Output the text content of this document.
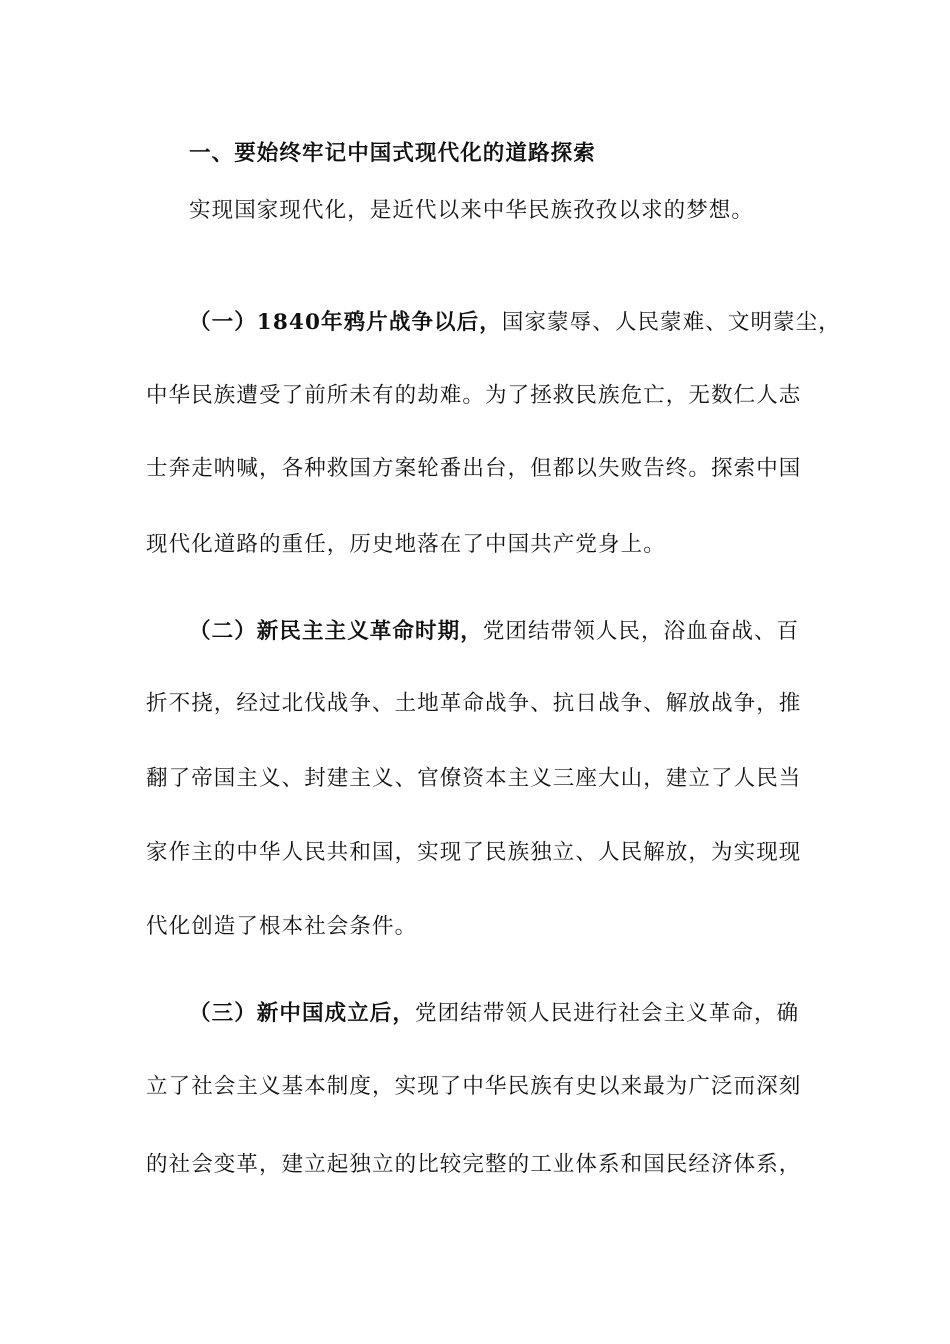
一、要始终牢记中国式现代化的道路探索
实现国家现代化，是近代以来中华民族孜孜以求的梦想。
（一）1840年鸦片战争以后，国家蒙辱、人民蒙难、文明蒙尘，
中华民族遭受了前所未有的劫难。为了拯救民族危亡，无数仁人志
士奔走呐喊，各种救国方案轮番出台，但都以失败告终。探索中国
现代化道路的重任，历史地落在了中国共产党身上。
（二）新民主主义革命时期，党团结带领人民，浴血奋战、百
折不挠，经过北伐战争、土地革命战争、抗日战争、解放战争，推
翻了帝国主义、封建主义、官僚资本主义三座大山，建立了人民当
家作主的中华人民共和国，实现了民族独立、人民解放，为实现现
代化创造了根本社会条件。
（三）新中国成立后，党团结带领人民进行社会主义革命，确
立了社会主义基本制度，实现了中华民族有史以来最为广泛而深刻
的社会变革，建立起独立的比较完整的工业体系和国民经济体系，
